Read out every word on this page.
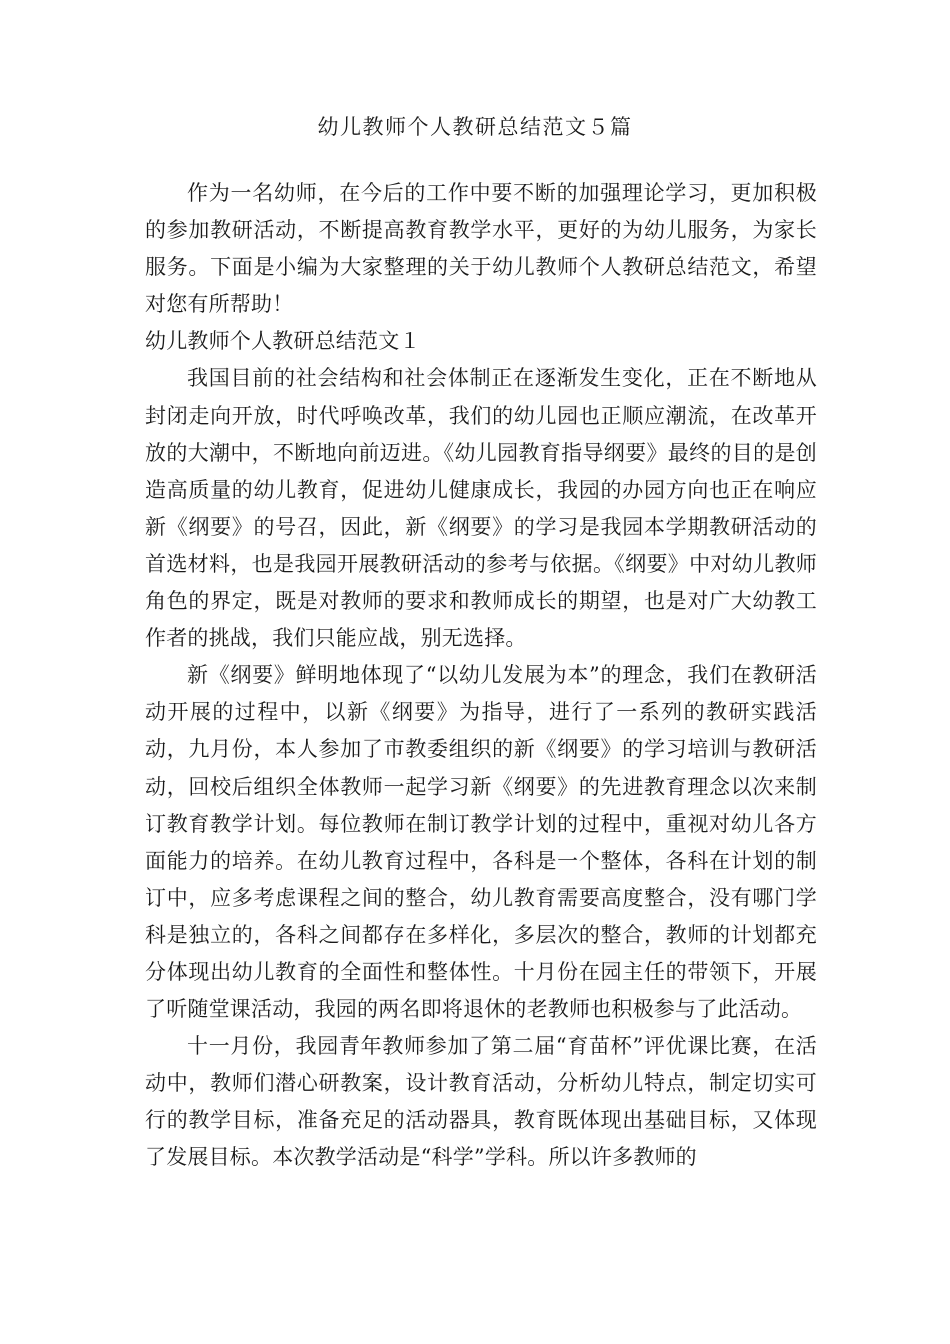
幼儿教师个人教研总结范文５篇

作为一名幼师，在今后的工作中要不断的加强理论学习，更加积极的参加教研活动，不断提高教育教学水平，更好的为幼儿服务，为家长服务。下面是小编为大家整理的关于幼儿教师个人教研总结范文，希望对您有所帮助！

幼儿教师个人教研总结范文１

我国目前的社会结构和社会体制正在逐渐发生变化，正在不断地从封闭走向开放，时代呼唤改革，我们的幼儿园也正顺应潮流，在改革开放的大潮中，不断地向前迈进。《幼儿园教育指导纲要》最终的目的是创造高质量的幼儿教育，促进幼儿健康成长，我园的办园方向也正在响应新《纲要》的号召，因此，新《纲要》的学习是我园本学期教研活动的首选材料，也是我园开展教研活动的参考与依据。《纲要》中对幼儿教师角色的界定，既是对教师的要求和教师成长的期望，也是对广大幼教工作者的挑战，我们只能应战，别无选择。

新《纲要》鲜明地体现了“以幼儿发展为本”的理念，我们在教研活动开展的过程中，以新《纲要》为指导，进行了一系列的教研实践活动，九月份，本人参加了市教委组织的新《纲要》的学习培训与教研活动，回校后组织全体教师一起学习新《纲要》的先进教育理念以次来制订教育教学计划。每位教师在制订教学计划的过程中，重视对幼儿各方面能力的培养。在幼儿教育过程中，各科是一个整体，各科在计划的制订中，应多考虑课程之间的整合，幼儿教育需要高度整合，没有哪门学科是独立的，各科之间都存在多样化，多层次的整合，教师的计划都充分体现出幼儿教育的全面性和整体性。十月份在园主任的带领下，开展了听随堂课活动，我园的两名即将退休的老教师也积极参与了此活动。

十一月份，我园青年教师参加了第二届“育苗杯”评优课比赛，在活动中，教师们潜心研教案，设计教育活动，分析幼儿特点，制定切实可行的教学目标，准备充足的活动器具，教育既体现出基础目标，又体现了发展目标。本次教学活动是“科学”学科。所以许多教师的
